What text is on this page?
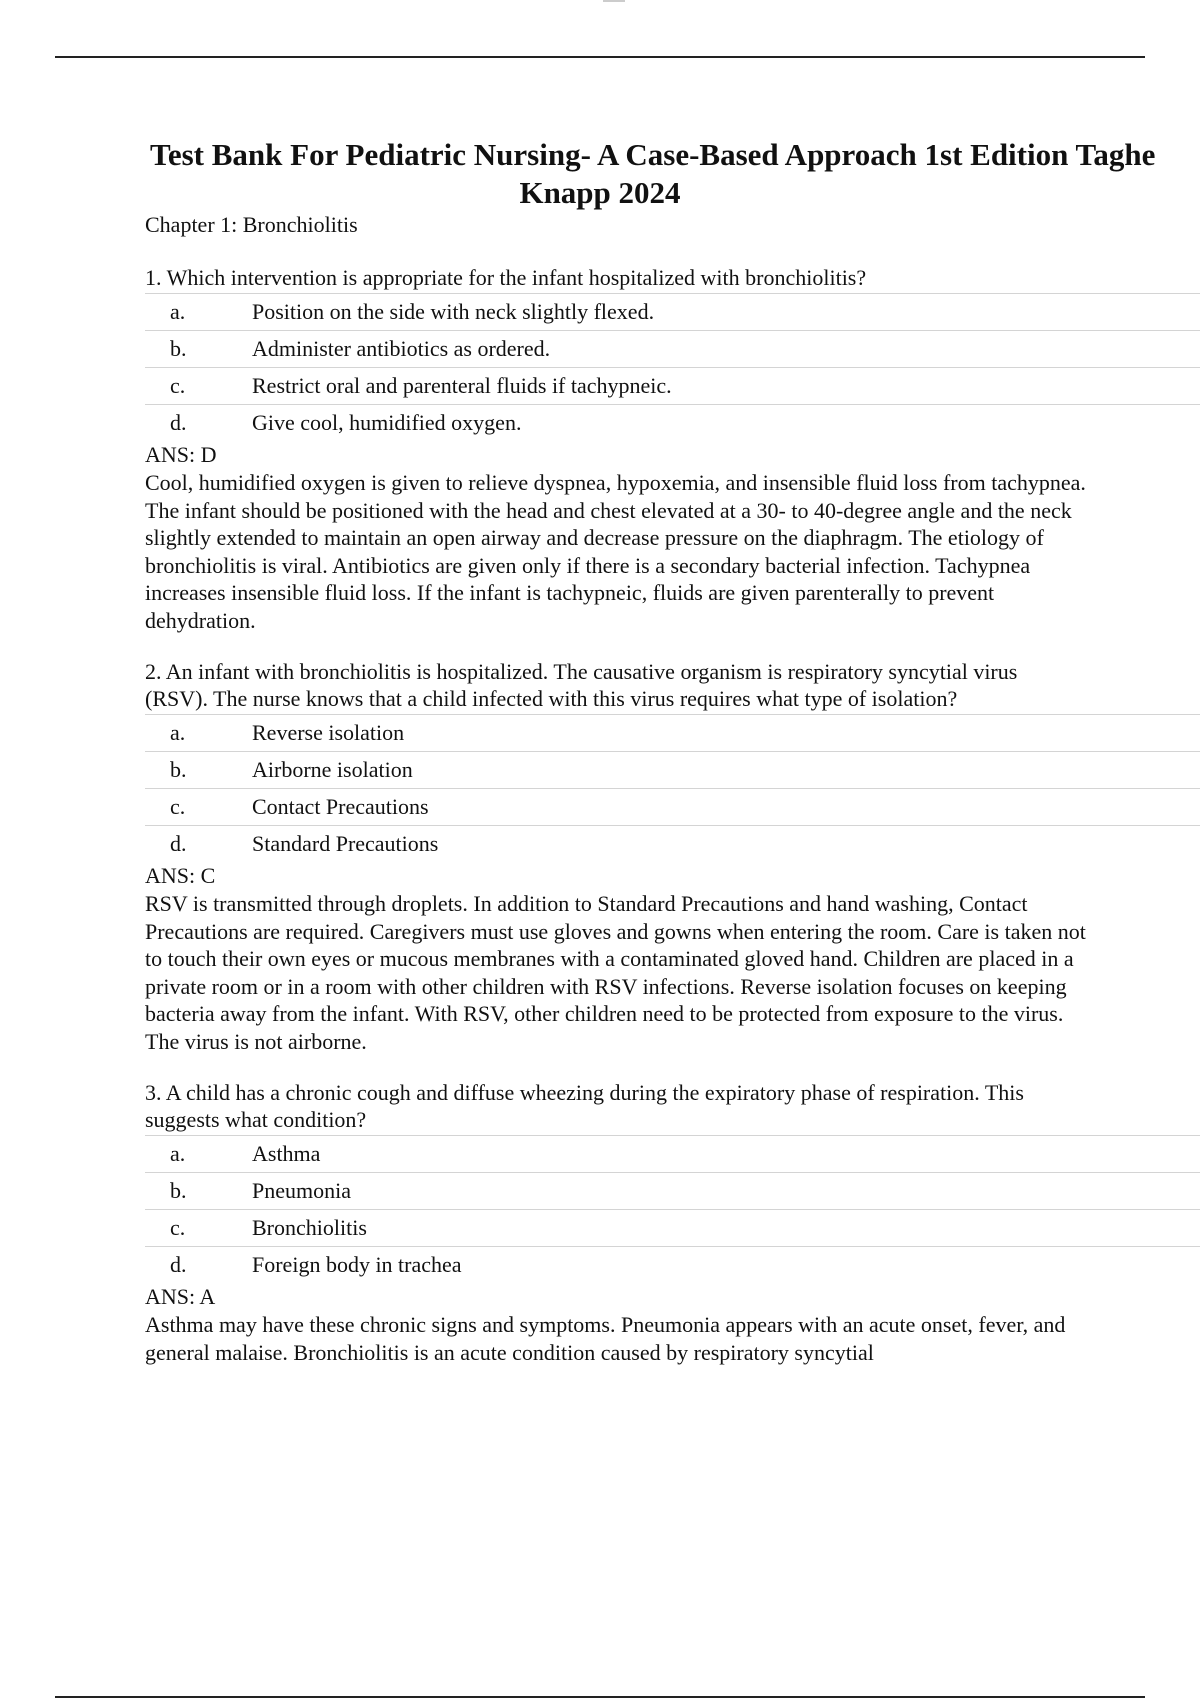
Test Bank For Pediatric Nursing- A Case-Based Approach 1st Edition Taghe
Knapp 2024

Chapter 1: Bronchiolitis

1. Which intervention is appropriate for the infant hospitalized with bronchiolitis?

a.	Position on the side with neck slightly flexed.
b.	Administer antibiotics as ordered.
c.	Restrict oral and parenteral fluids if tachypneic.
d.	Give cool, humidified oxygen.

ANS: D

Cool, humidified oxygen is given to relieve dyspnea, hypoxemia, and insensible fluid loss from tachypnea. The infant should be positioned with the head and chest elevated at a 30- to 40-degree angle and the neck slightly extended to maintain an open airway and decrease pressure on the diaphragm. The etiology of bronchiolitis is viral. Antibiotics are given only if there is a secondary bacterial infection. Tachypnea increases insensible fluid loss. If the infant is tachypneic, fluids are given parenterally to prevent dehydration.

2. An infant with bronchiolitis is hospitalized. The causative organism is respiratory syncytial virus (RSV). The nurse knows that a child infected with this virus requires what type of isolation?

a.	Reverse isolation
b.	Airborne isolation
c.	Contact Precautions
d.	Standard Precautions

ANS: C

RSV is transmitted through droplets. In addition to Standard Precautions and hand washing, Contact Precautions are required. Caregivers must use gloves and gowns when entering the room. Care is taken not to touch their own eyes or mucous membranes with a contaminated gloved hand. Children are placed in a private room or in a room with other children with RSV infections. Reverse isolation focuses on keeping bacteria away from the infant. With RSV, other children need to be protected from exposure to the virus. The virus is not airborne.

3. A child has a chronic cough and diffuse wheezing during the expiratory phase of respiration. This suggests what condition?

a.	Asthma
b.	Pneumonia
c.	Bronchiolitis
d.	Foreign body in trachea

ANS: A

Asthma may have these chronic signs and symptoms. Pneumonia appears with an acute onset, fever, and general malaise. Bronchiolitis is an acute condition caused by respiratory syncytial
